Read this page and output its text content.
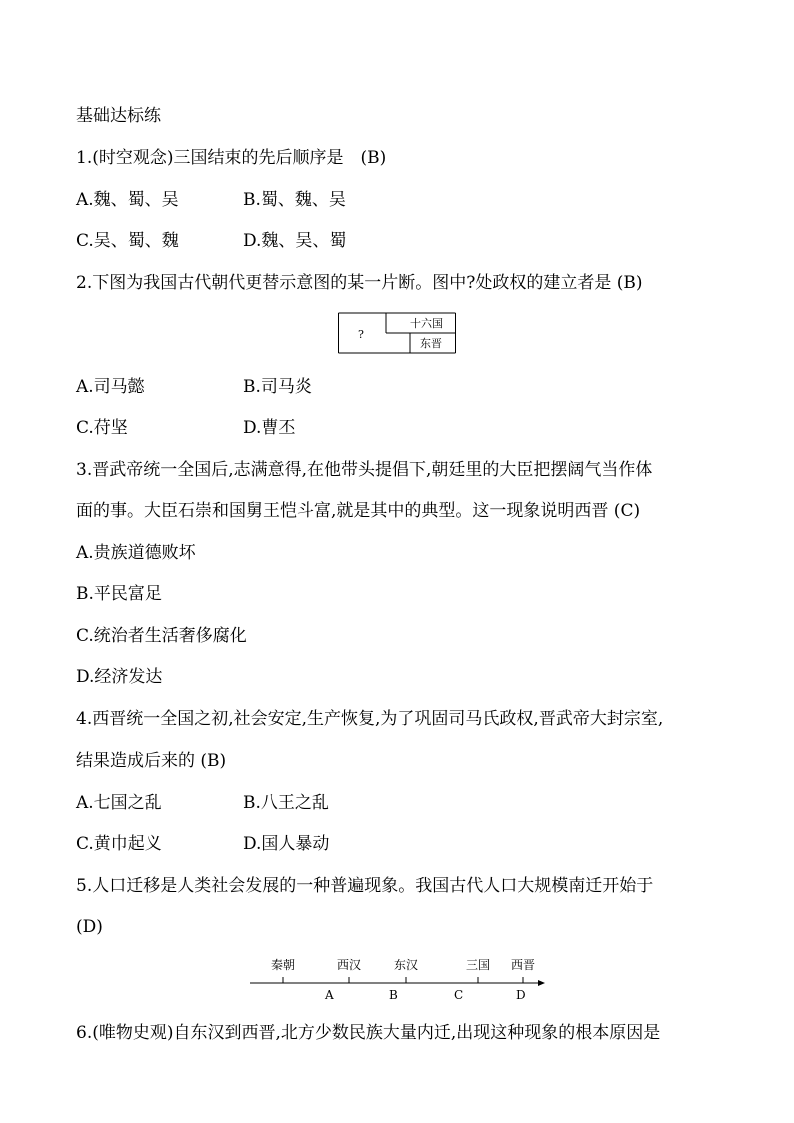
基础达标练
1.(时空观念)三国结束的先后顺序是　(B)
A.魏、蜀、吴	B.蜀、魏、吴
C.吴、蜀、魏	D.魏、吴、蜀
2.下图为我国古代朝代更替示意图的某一片断。图中?处政权的建立者是 (B)
?
十六国
东晋
A.司马懿	B.司马炎
C.苻坚	D.曹丕
3.晋武帝统一全国后,志满意得,在他带头提倡下,朝廷里的大臣把摆阔气当作体
面的事。大臣石崇和国舅王恺斗富,就是其中的典型。这一现象说明西晋 (C)
A.贵族道德败坏
B.平民富足
C.统治者生活奢侈腐化
D.经济发达
4.西晋统一全国之初,社会安定,生产恢复,为了巩固司马氏政权,晋武帝大封宗室,
结果造成后来的 (B)
A.七国之乱	B.八王之乱
C.黄巾起义	D.国人暴动
5.人口迁移是人类社会发展的一种普遍现象。我国古代人口大规模南迁开始于
(D)
秦朝	西汉	东汉	三国 西晋
A	B	C	D
6.(唯物史观)自东汉到西晋,北方少数民族大量内迁,出现这种现象的根本原因是
